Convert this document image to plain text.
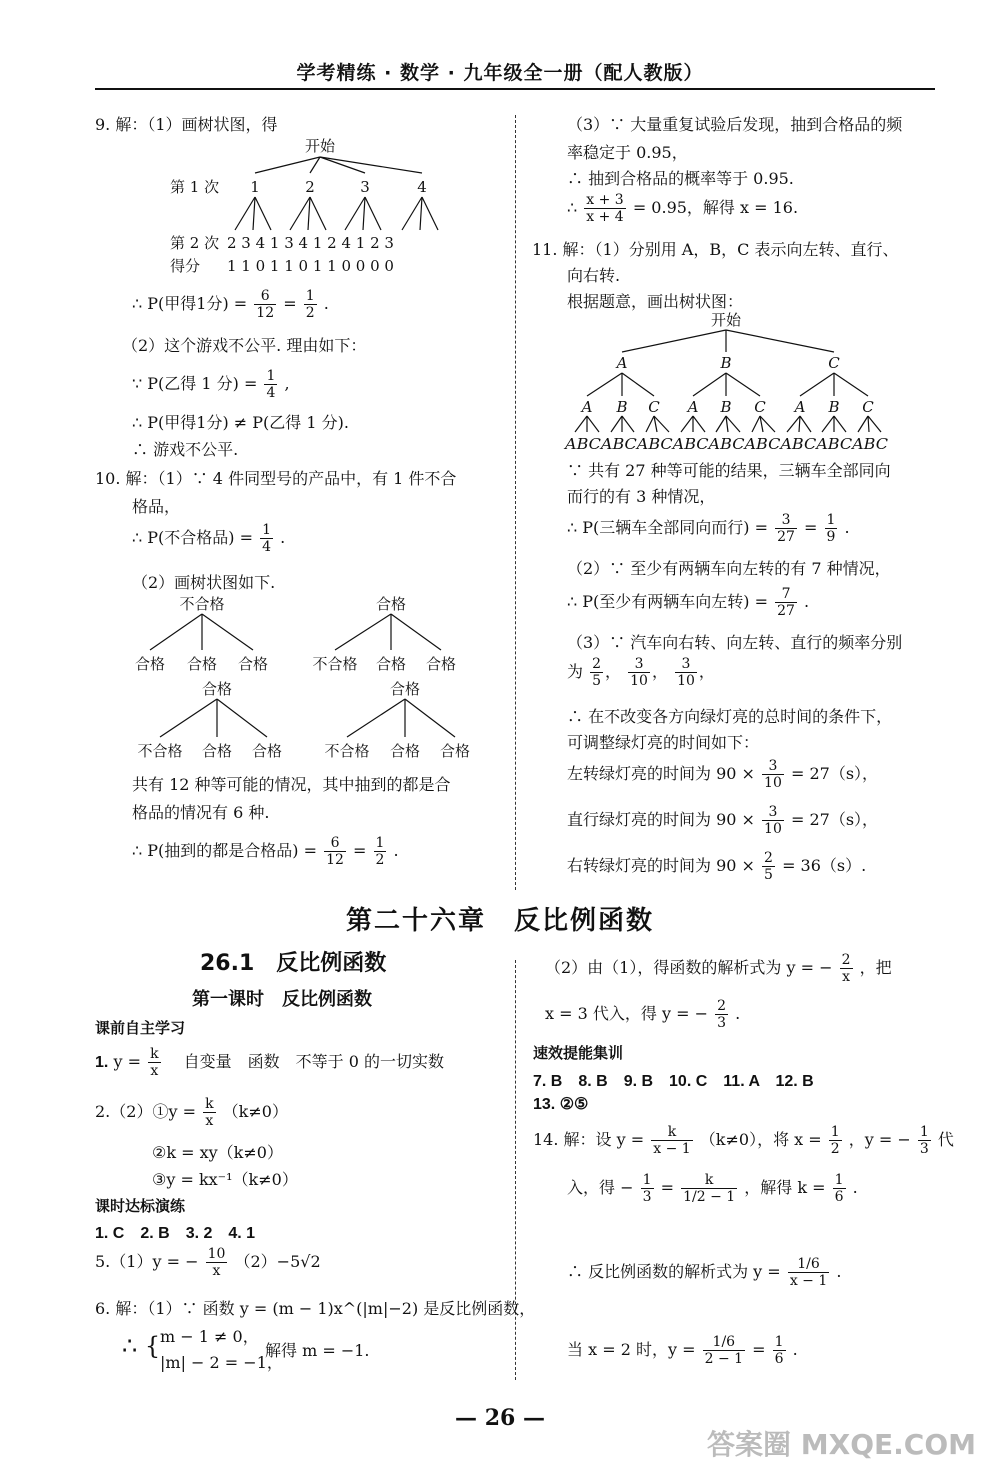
学考精练 · 数学 · 九年级全一册（配人教版）
9. 解：（1）画树状图，得
开始
第 1 次 1	2	3	4
第 2 次 2 3 4 1 3 4 1 2 4 1 2 3
得分 1 1 0 1 1 0 1 1 0 0 0 0
∴ P(甲得1分) = $\frac{6}{12} = \frac{1}{2}$ .
（2）这个游戏不公平. 理由如下：
∵ P(乙得 1 分) = $\frac{1}{4}$ ,
∴ P(甲得1分) ≠ P(乙得 1 分).
∴ 游戏不公平.
10. 解：（1）∵ 4 件同型号的产品中，有 1 件不合
格品，
∴ P(不合格品) = $\frac{1}{4}$ .
（2）画树状图如下.
不合格
合格 合格 合格
合格
不合格 合格 合格
合格
不合格 合格 合格
合格
不合格 合格 合格
共有 12 种等可能的情况，其中抽到的都是合
格品的情况有 6 种.
∴ P(抽到的都是合格品) = $\frac{6}{12} = \frac{1}{2}$ .
（3）∵ 大量重复试验后发现，抽到合格品的频
率稳定于 0.95，
∴ 抽到合格品的概率等于 0.95.
∴ $\frac{x + 3}{x + 4} = 0.95$，解得 x = 16.
11. 解：（1）分别用 A，B，C 表示向左转、直行、
向右转.
根据题意，画出树状图：
开始
A	B	C
A B C A B C A B C
ABCABCABCABCABCABCABCABCABC
∵ 共有 27 种等可能的结果，三辆车全部同向
而行的有 3 种情况，
∴ P(三辆车全部同向而行) = $\frac{3}{27} = \frac{1}{9}$ .
（2）∵ 至少有两辆车向左转的有 7 种情况，
∴ P(至少有两辆车向左转) = $\frac{7}{27}$ .
（3）∵ 汽车向右转、向左转、直行的频率分别
为 $\frac{2}{5}$ ， $\frac{3}{10}$ ， $\frac{3}{10}$ ，
∴ 在不改变各方向绿灯亮的总时间的条件下，
可调整绿灯亮的时间如下：
左转绿灯亮的时间为 $90 \times \frac{3}{10} = 27(s)$，
直行绿灯亮的时间为 $90 \times \frac{3}{10} = 27(s)$，
右转绿灯亮的时间为 $90 \times \frac{2}{5} = 36(s)$.
第二十六章　反比例函数
26.1　反比例函数
第一课时　反比例函数
课前自主学习
1. $y = \frac{k}{x}$ 　自变量　函数　不等于 0 的一切实数
2.（2）①y = $\frac{k}{x} (k\ne 0)$
②k = xy（k≠0）
③y = kx⁻¹（k≠0）
课时达标演练
1. C　2. B　3. 2　4. 1
5.（1）y = − $\frac{10}{x} (2)-5√2$
6. 解：（1）∵ 函数 y = (m − 1)x^(|m|−2) 是反比例函数，
∴ { m − 1 ≠ 0，
|m| − 2 = −1，
解得 m = −1.
（2）由（1），得函数的解析式为 y = − $\frac{2}{x}$ ，把
x = 3 代入，得 y = − $\frac{2}{3}$ .
速效提能集训
7. B　8. B　9. B　10. C　11. A　12. B
13. ②⑤
14. 解：设 $y = \frac{k}{x - 1} (k\ne 0)$，将 $x = \frac{1}{2}$ ，y = − $\frac{1}{3}$ 代
入，得 − $\frac{1}{3} = \frac{k}{1/2 - 1}$ ，解得 $k = \frac{1}{6}$ .
∴ 反比例函数的解析式为 $y = \frac{1/6}{x - 1}$ .
当 x = 2 时，$y = \frac{1/6}{2 - 1} = \frac{1}{6}$ .
— 26 —
答案圈 MXQE.COM
